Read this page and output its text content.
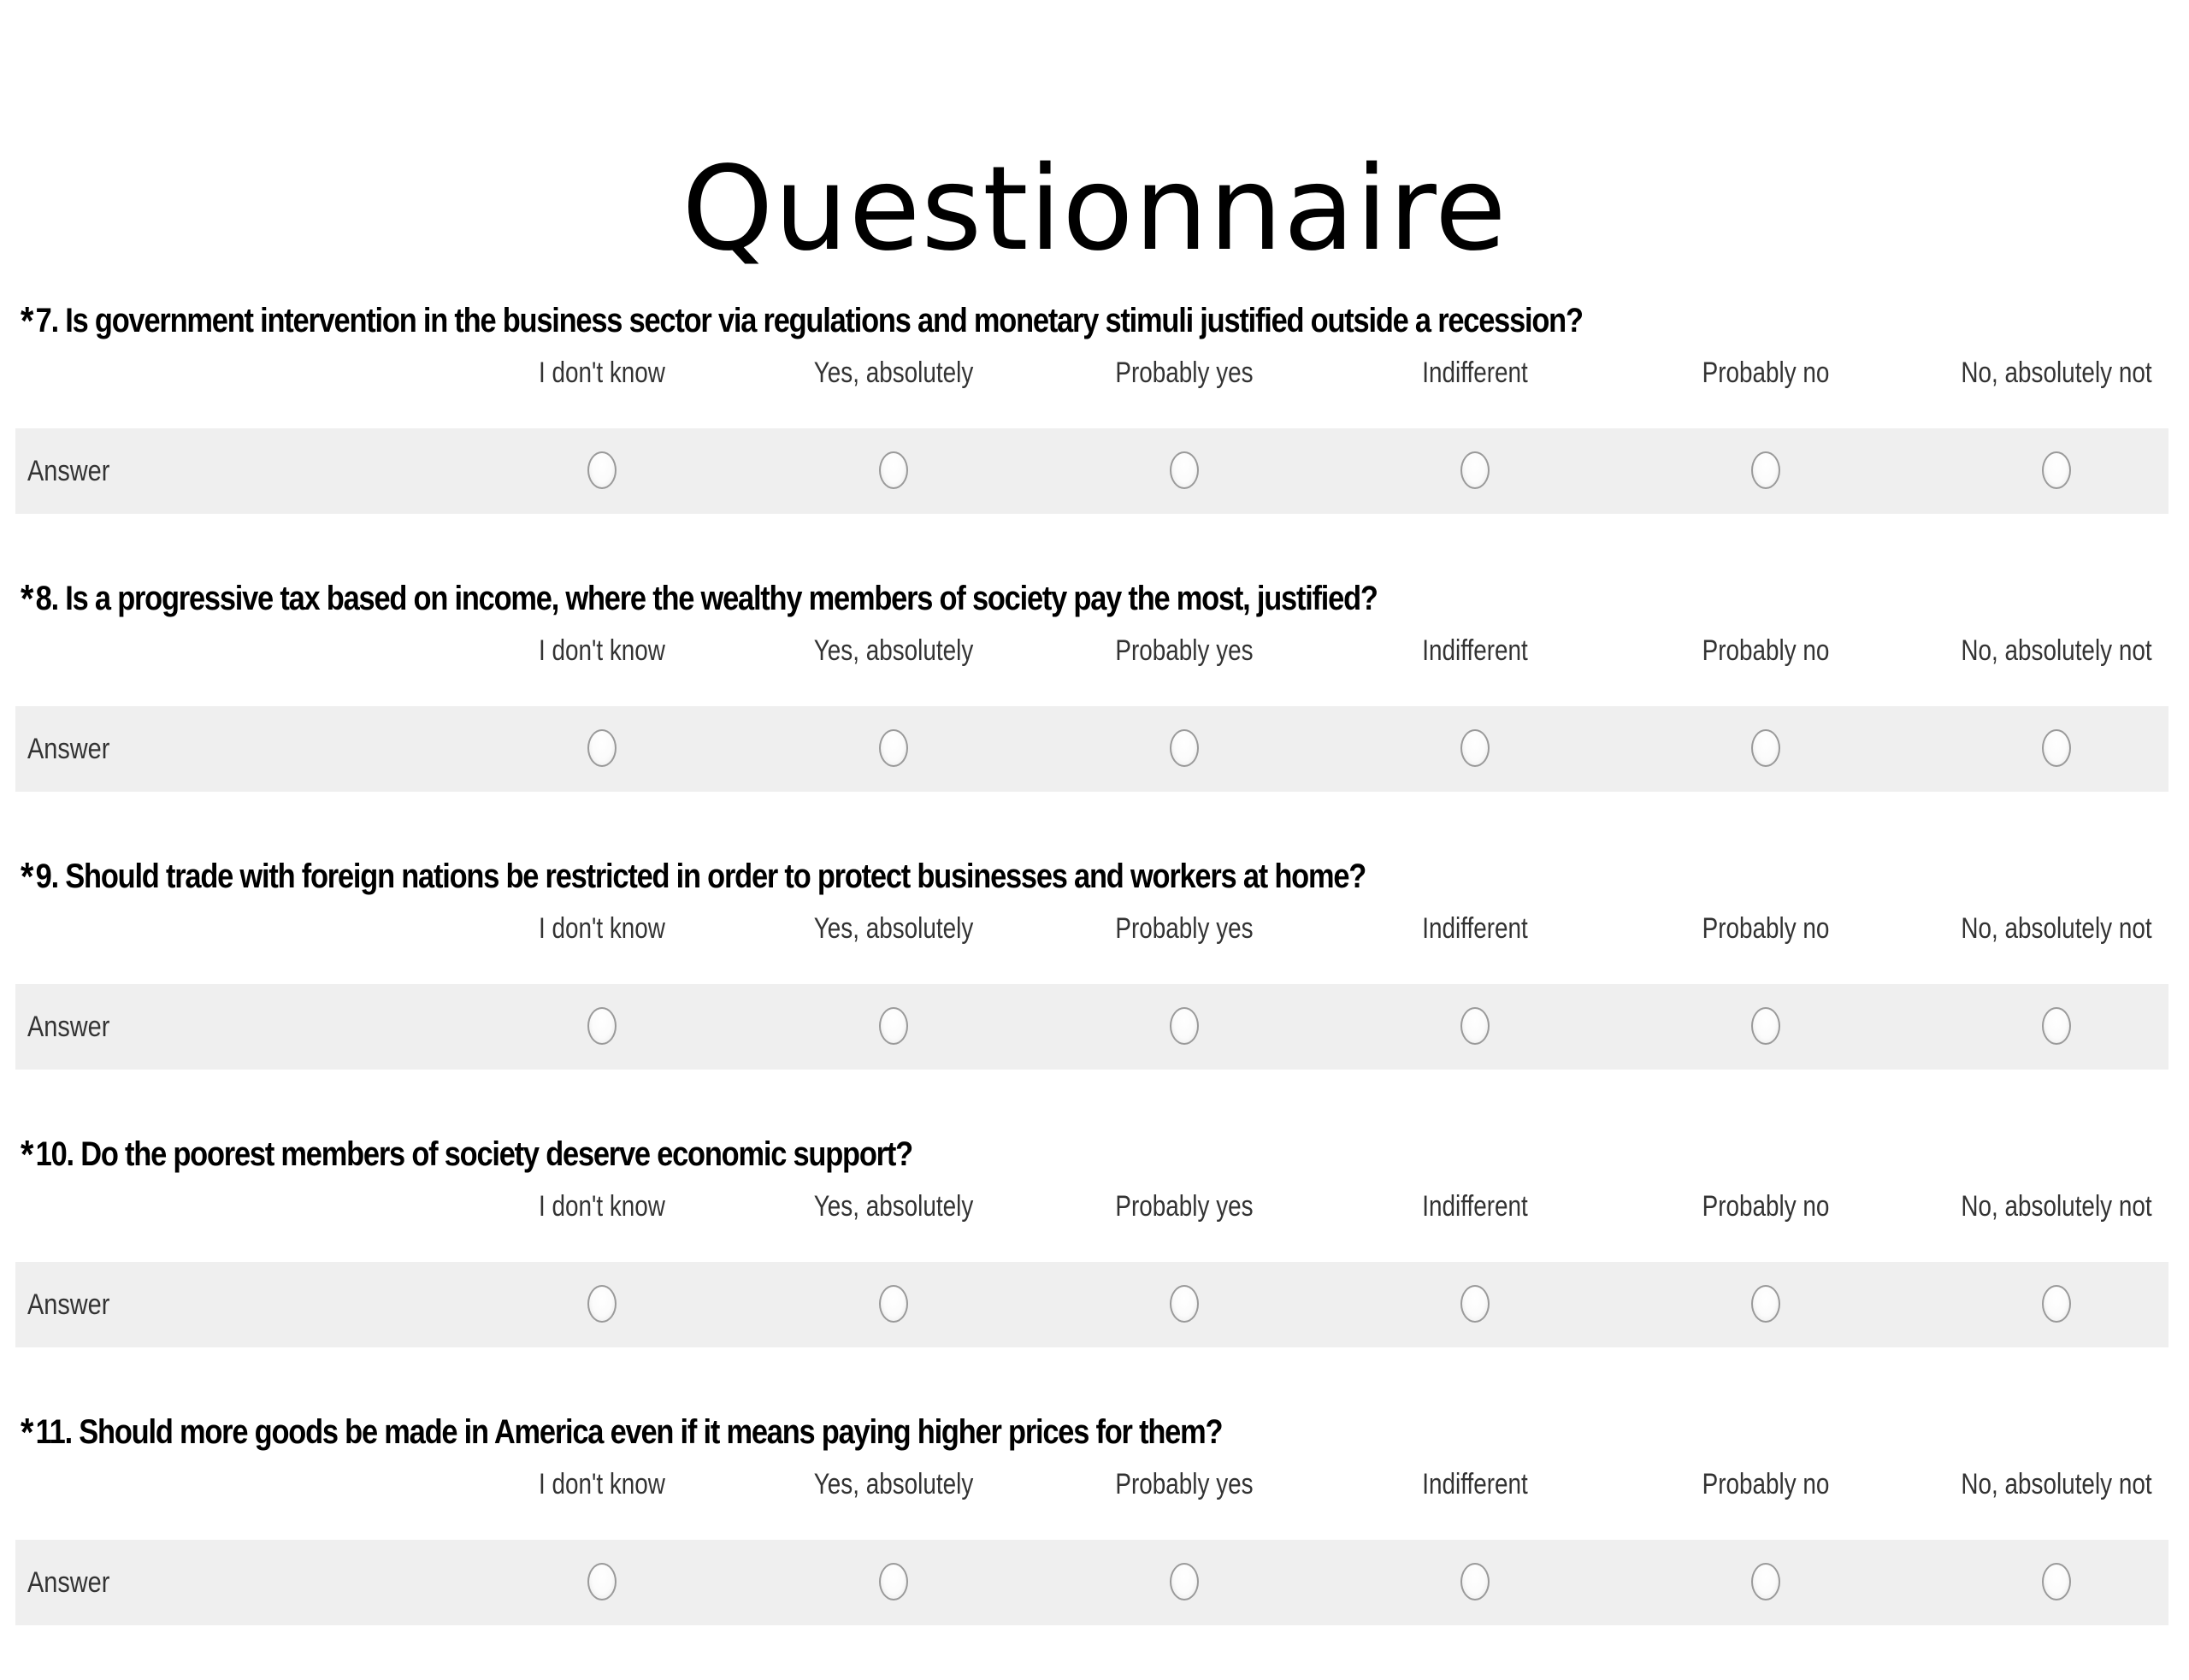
Questionnaire
* 7. Is government intervention in the business sector via regulations and monetary stimuli justified outside a recession?
I don't know	Yes, absolutely	Probably yes	Indifferent	Probably no	No, absolutely not
Answer
* 8. Is a progressive tax based on income, where the wealthy members of society pay the most, justified?
I don't know	Yes, absolutely	Probably yes	Indifferent	Probably no	No, absolutely not
Answer
* 9. Should trade with foreign nations be restricted in order to protect businesses and workers at home?
I don't know	Yes, absolutely	Probably yes	Indifferent	Probably no	No, absolutely not
Answer
* 10. Do the poorest members of society deserve economic support?
I don't know	Yes, absolutely	Probably yes	Indifferent	Probably no	No, absolutely not
Answer
* 11. Should more goods be made in America even if it means paying higher prices for them?
I don't know	Yes, absolutely	Probably yes	Indifferent	Probably no	No, absolutely not
Answer
